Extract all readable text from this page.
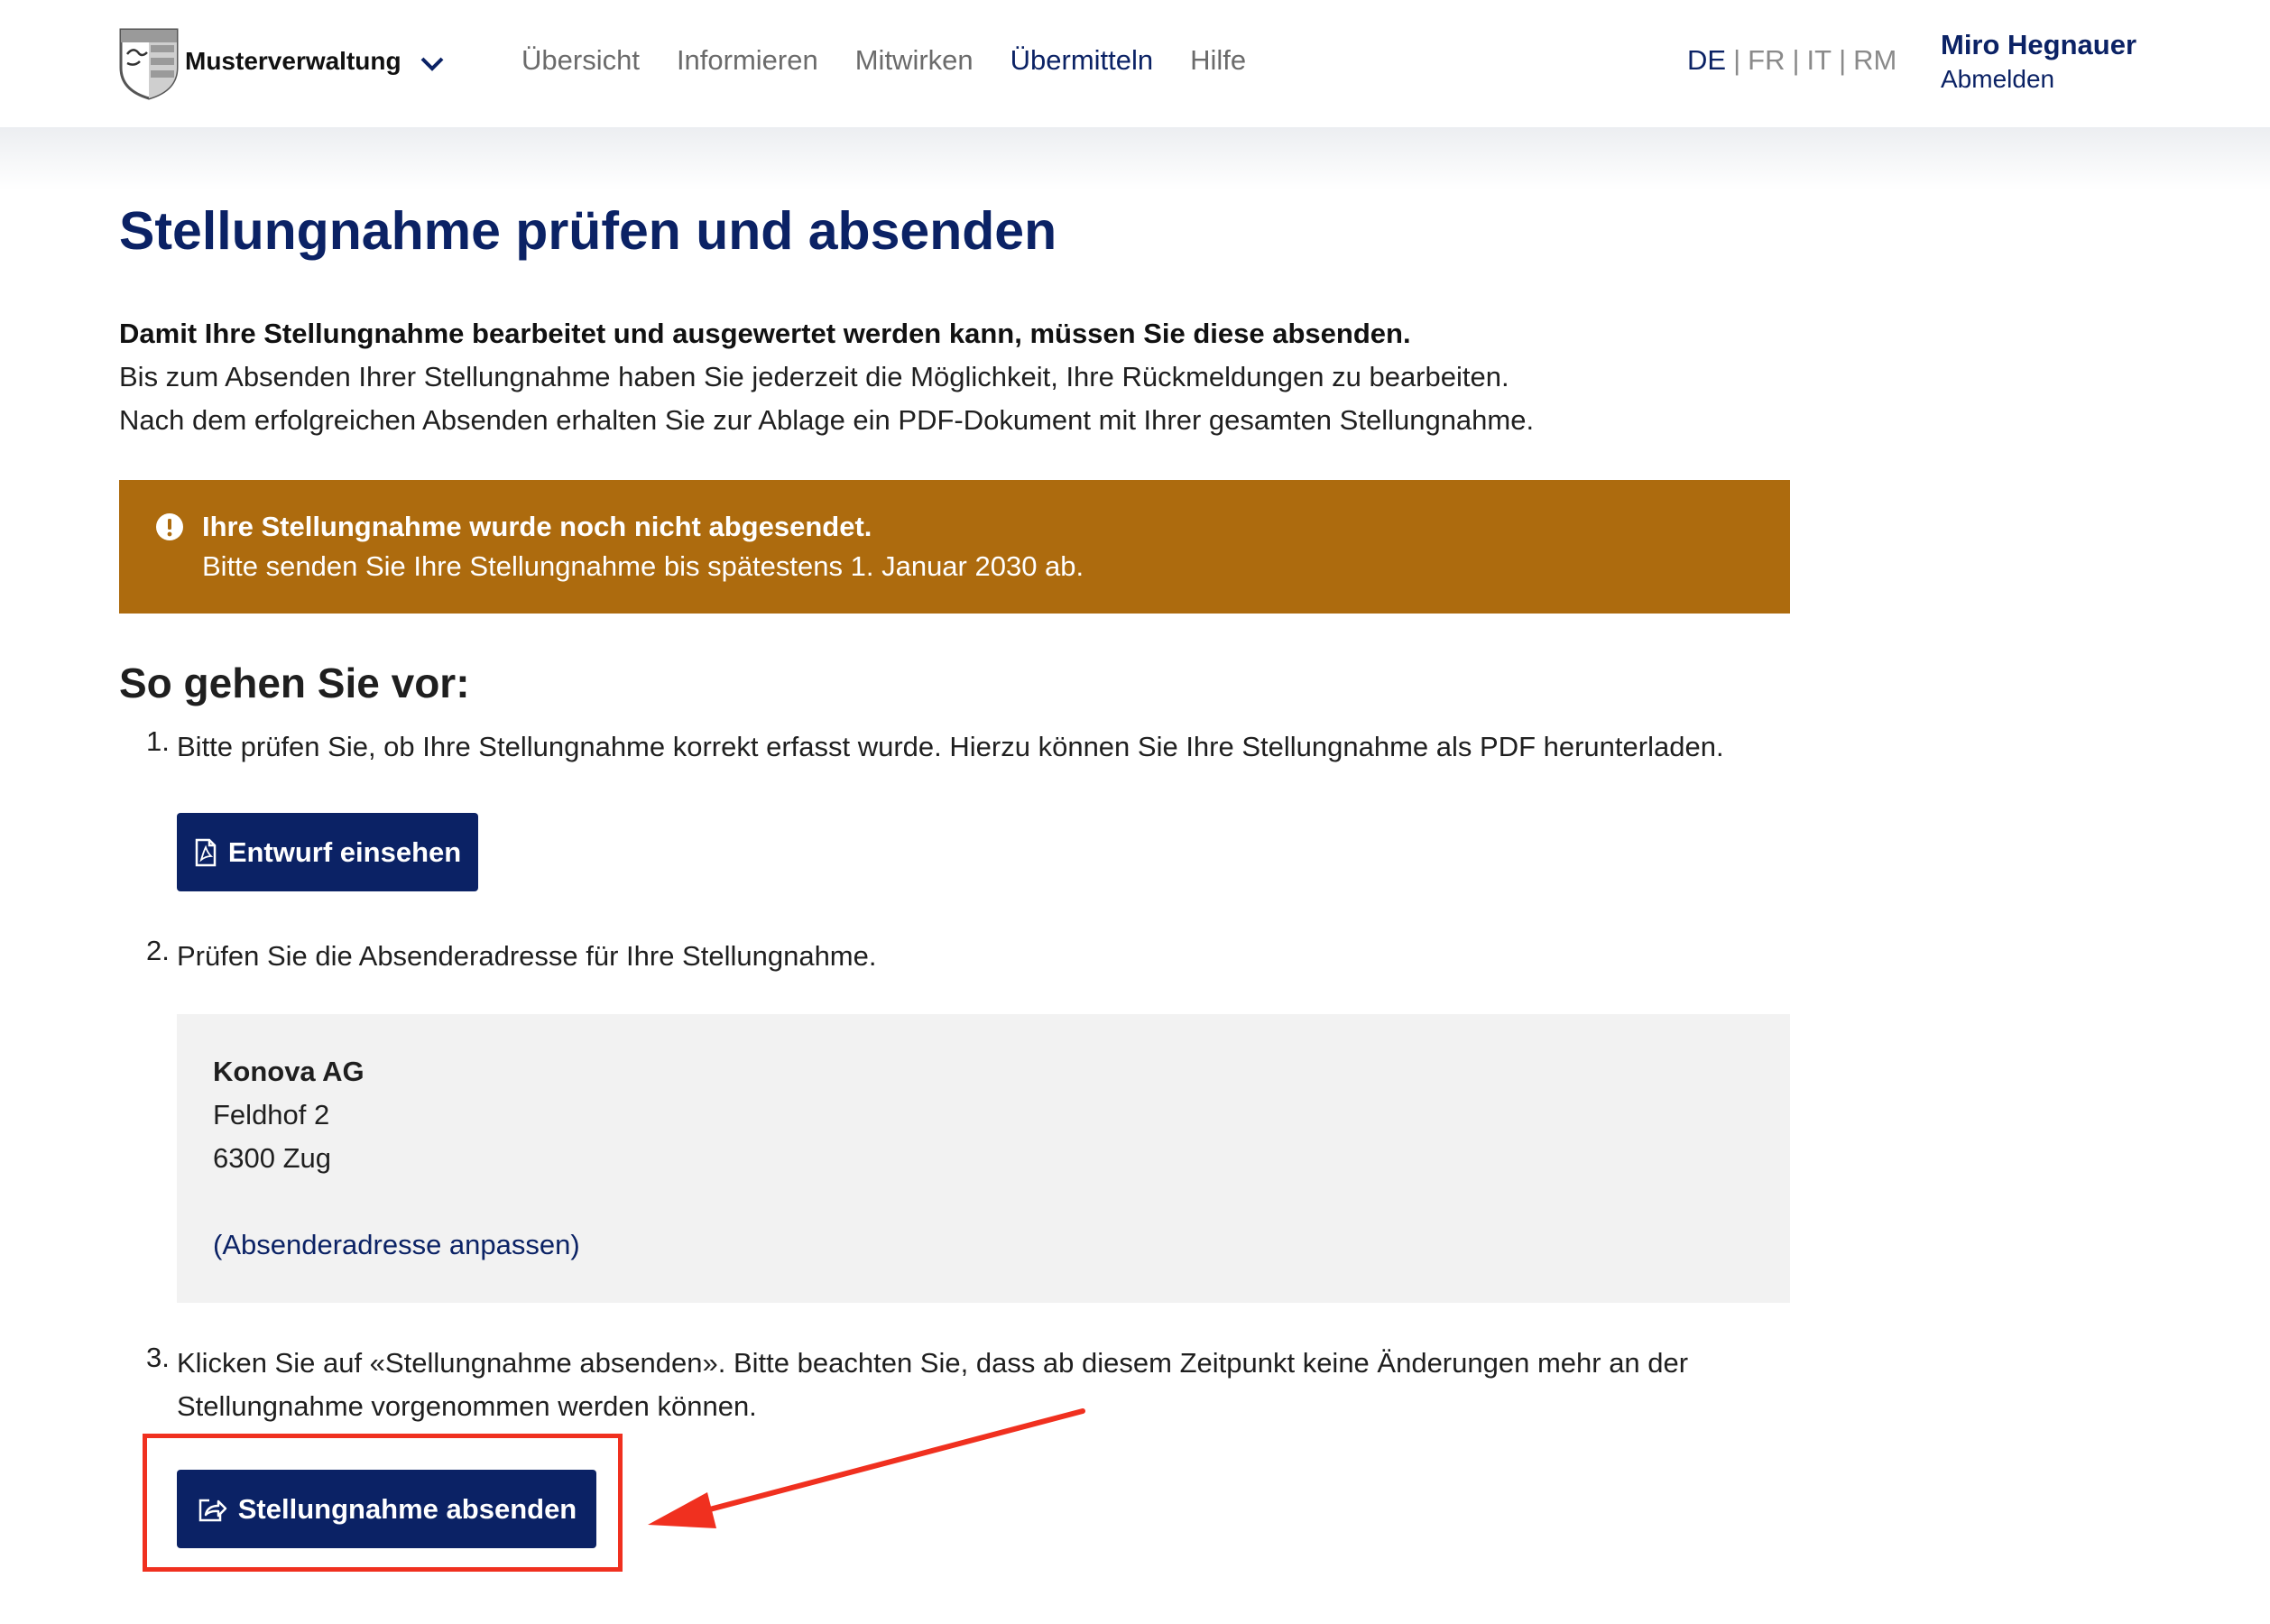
Musterverwaltung	Übersicht Informieren Mitwirken Übermitteln Hilfe	DE | FR | IT | RM Miro Hegnauer
Abmelden
Stellungnahme prüfen und absenden
Damit Ihre Stellungnahme bearbeitet und ausgewertet werden kann, müssen Sie diese absenden.
Bis zum Absenden Ihrer Stellungnahme haben Sie jederzeit die Möglichkeit, Ihre Rückmeldungen zu bearbeiten.
Nach dem erfolgreichen Absenden erhalten Sie zur Ablage ein PDF-Dokument mit Ihrer gesamten Stellungnahme.
Ihre Stellungnahme wurde noch nicht abgesendet.
Bitte senden Sie Ihre Stellungnahme bis spätestens 1. Januar 2030 ab.
So gehen Sie vor:
1. Bitte prüfen Sie, ob Ihre Stellungnahme korrekt erfasst wurde. Hierzu können Sie Ihre Stellungnahme als PDF herunterladen.
Entwurf einsehen
2. Prüfen Sie die Absenderadresse für Ihre Stellungnahme.
Konova AG
Feldhof 2
6300 Zug
(Absenderadresse anpassen)
3. Klicken Sie auf «Stellungnahme absenden». Bitte beachten Sie, dass ab diesem Zeitpunkt keine Änderungen mehr an der
Stellungnahme vorgenommen werden können.
Stellungnahme absenden
